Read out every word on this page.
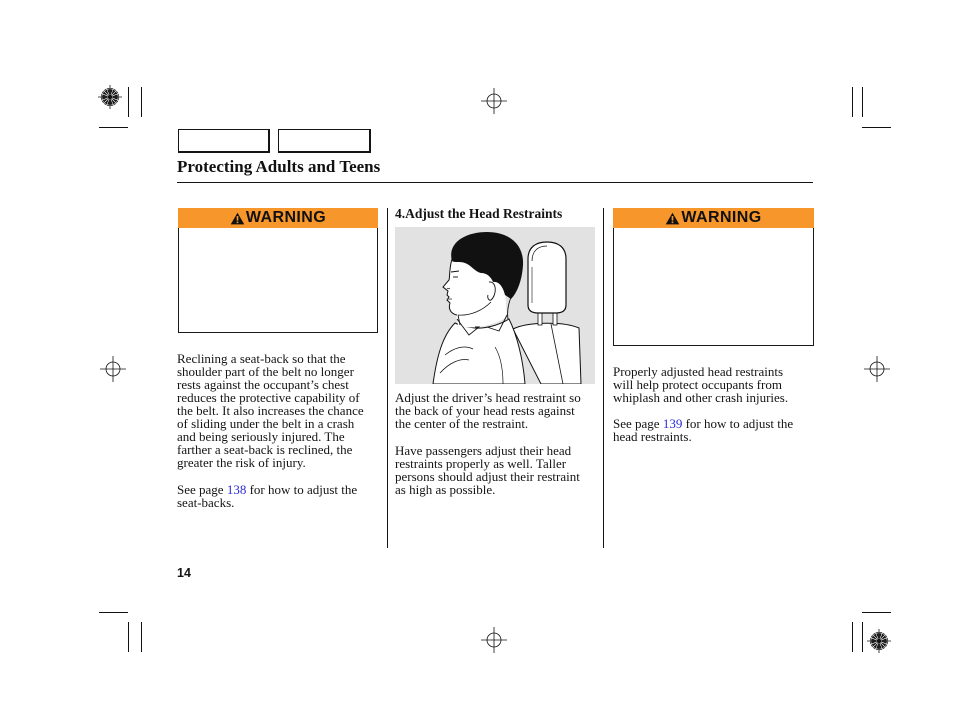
Protecting Adults and Teens
WARNING
Reclining a seat-back so that the
shoulder part of the belt no longer
rests against the occupant’s chest
reduces the protective capability of
the belt. It also increases the chance
of sliding under the belt in a crash
and being seriously injured. The
farther a seat-back is reclined, the
greater the risk of injury.
See page 138 for how to adjust the
seat-backs.
4.Adjust the Head Restraints
Adjust the driver’s head restraint so
the back of your head rests against
the center of the restraint.
Have passengers adjust their head
restraints properly as well. Taller
persons should adjust their restraint
as high as possible.
WARNING
Properly adjusted head restraints
will help protect occupants from
whiplash and other crash injuries.
See page 139 for how to adjust the
head restraints.
14
